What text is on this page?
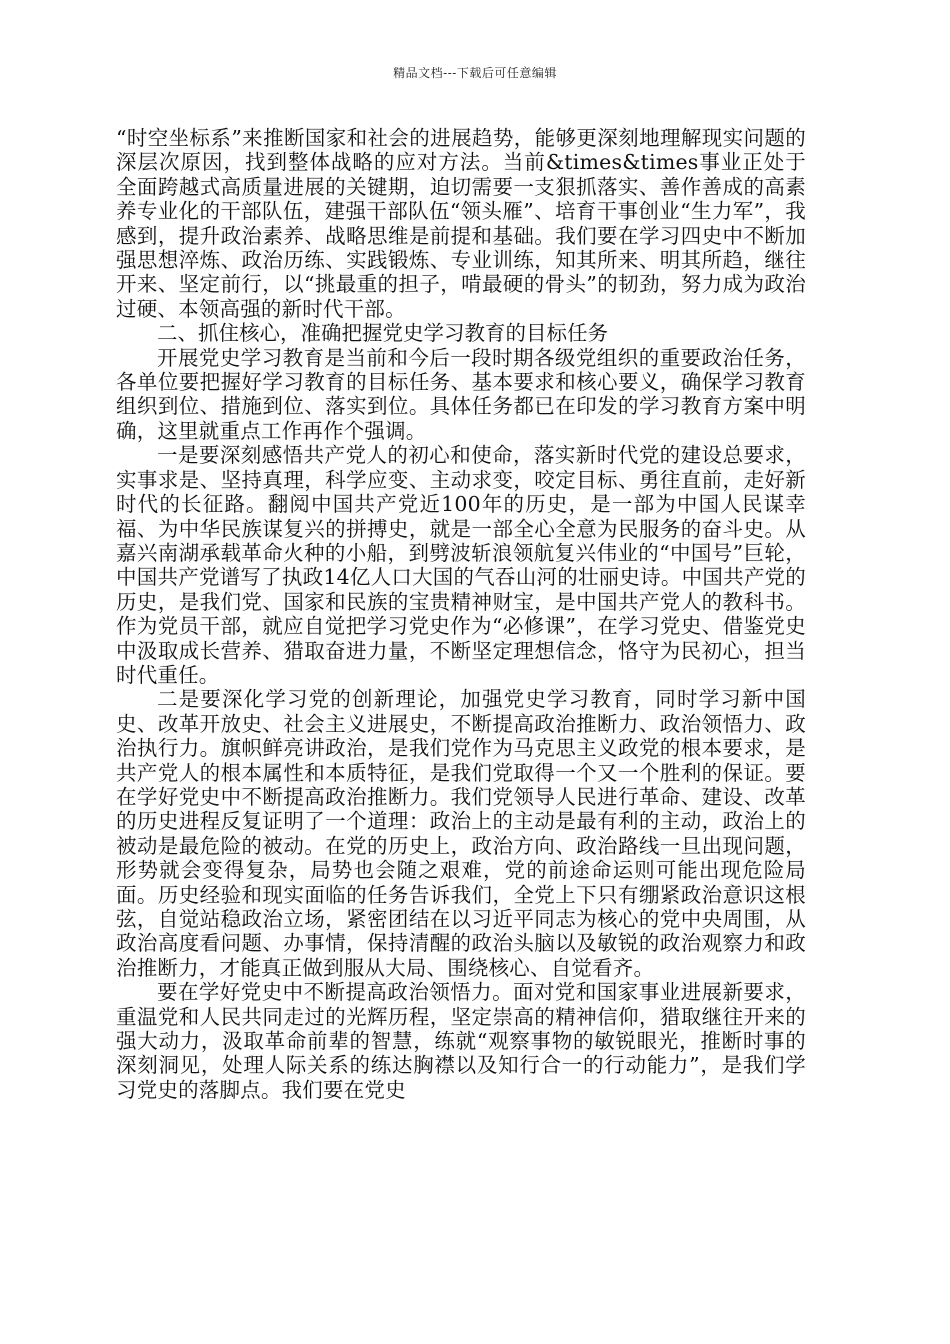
精品文档---下载后可任意编辑

“时空坐标系”来推断国家和社会的进展趋势，能够更深刻地理解现实问题的深层次原因，找到整体战略的应对方法。当前&times&times事业正处于全面跨越式高质量进展的关键期，迫切需要一支狠抓落实、善作善成的高素养专业化的干部队伍，建强干部队伍“领头雁”、培育干事创业“生力军”，我感到，提升政治素养、战略思维是前提和基础。我们要在学习四史中不断加强思想淬炼、政治历练、实践锻炼、专业训练，知其所来、明其所趋，继往开来、坚定前行，以“挑最重的担子，啃最硬的骨头”的韧劲，努力成为政治过硬、本领高强的新时代干部。

二、抓住核心，准确把握党史学习教育的目标任务

开展党史学习教育是当前和今后一段时期各级党组织的重要政治任务，各单位要把握好学习教育的目标任务、基本要求和核心要义，确保学习教育组织到位、措施到位、落实到位。具体任务都已在印发的学习教育方案中明确，这里就重点工作再作个强调。

一是要深刻感悟共产党人的初心和使命，落实新时代党的建设总要求，实事求是、坚持真理，科学应变、主动求变，咬定目标、勇往直前，走好新时代的长征路。翻阅中国共产党近100年的历史，是一部为中国人民谋幸福、为中华民族谋复兴的拼搏史，就是一部全心全意为民服务的奋斗史。从嘉兴南湖承载革命火种的小船，到劈波斩浪领航复兴伟业的“中国号”巨轮，中国共产党谱写了执政14亿人口大国的气吞山河的壮丽史诗。中国共产党的历史，是我们党、国家和民族的宝贵精神财宝，是中国共产党人的教科书。作为党员干部，就应自觉把学习党史作为“必修课”，在学习党史、借鉴党史中汲取成长营养、猎取奋进力量，不断坚定理想信念，恪守为民初心，担当时代重任。

二是要深化学习党的创新理论，加强党史学习教育，同时学习新中国史、改革开放史、社会主义进展史，不断提高政治推断力、政治领悟力、政治执行力。旗帜鲜亮讲政治，是我们党作为马克思主义政党的根本要求，是共产党人的根本属性和本质特征，是我们党取得一个又一个胜利的保证。要在学好党史中不断提高政治推断力。我们党领导人民进行革命、建设、改革的历史进程反复证明了一个道理：政治上的主动是最有利的主动，政治上的被动是最危险的被动。在党的历史上，政治方向、政治路线一旦出现问题，形势就会变得复杂，局势也会随之艰难，党的前途命运则可能出现危险局面。历史经验和现实面临的任务告诉我们，全党上下只有绷紧政治意识这根弦，自觉站稳政治立场，紧密团结在以习近平同志为核心的党中央周围，从政治高度看问题、办事情，保持清醒的政治头脑以及敏锐的政治观察力和政治推断力，才能真正做到服从大局、围绕核心、自觉看齐。

要在学好党史中不断提高政治领悟力。面对党和国家事业进展新要求，重温党和人民共同走过的光辉历程，坚定崇高的精神信仰，猎取继往开来的强大动力，汲取革命前辈的智慧，练就“观察事物的敏锐眼光，推断时事的深刻洞见，处理人际关系的练达胸襟以及知行合一的行动能力”，是我们学习党史的落脚点。我们要在党史
